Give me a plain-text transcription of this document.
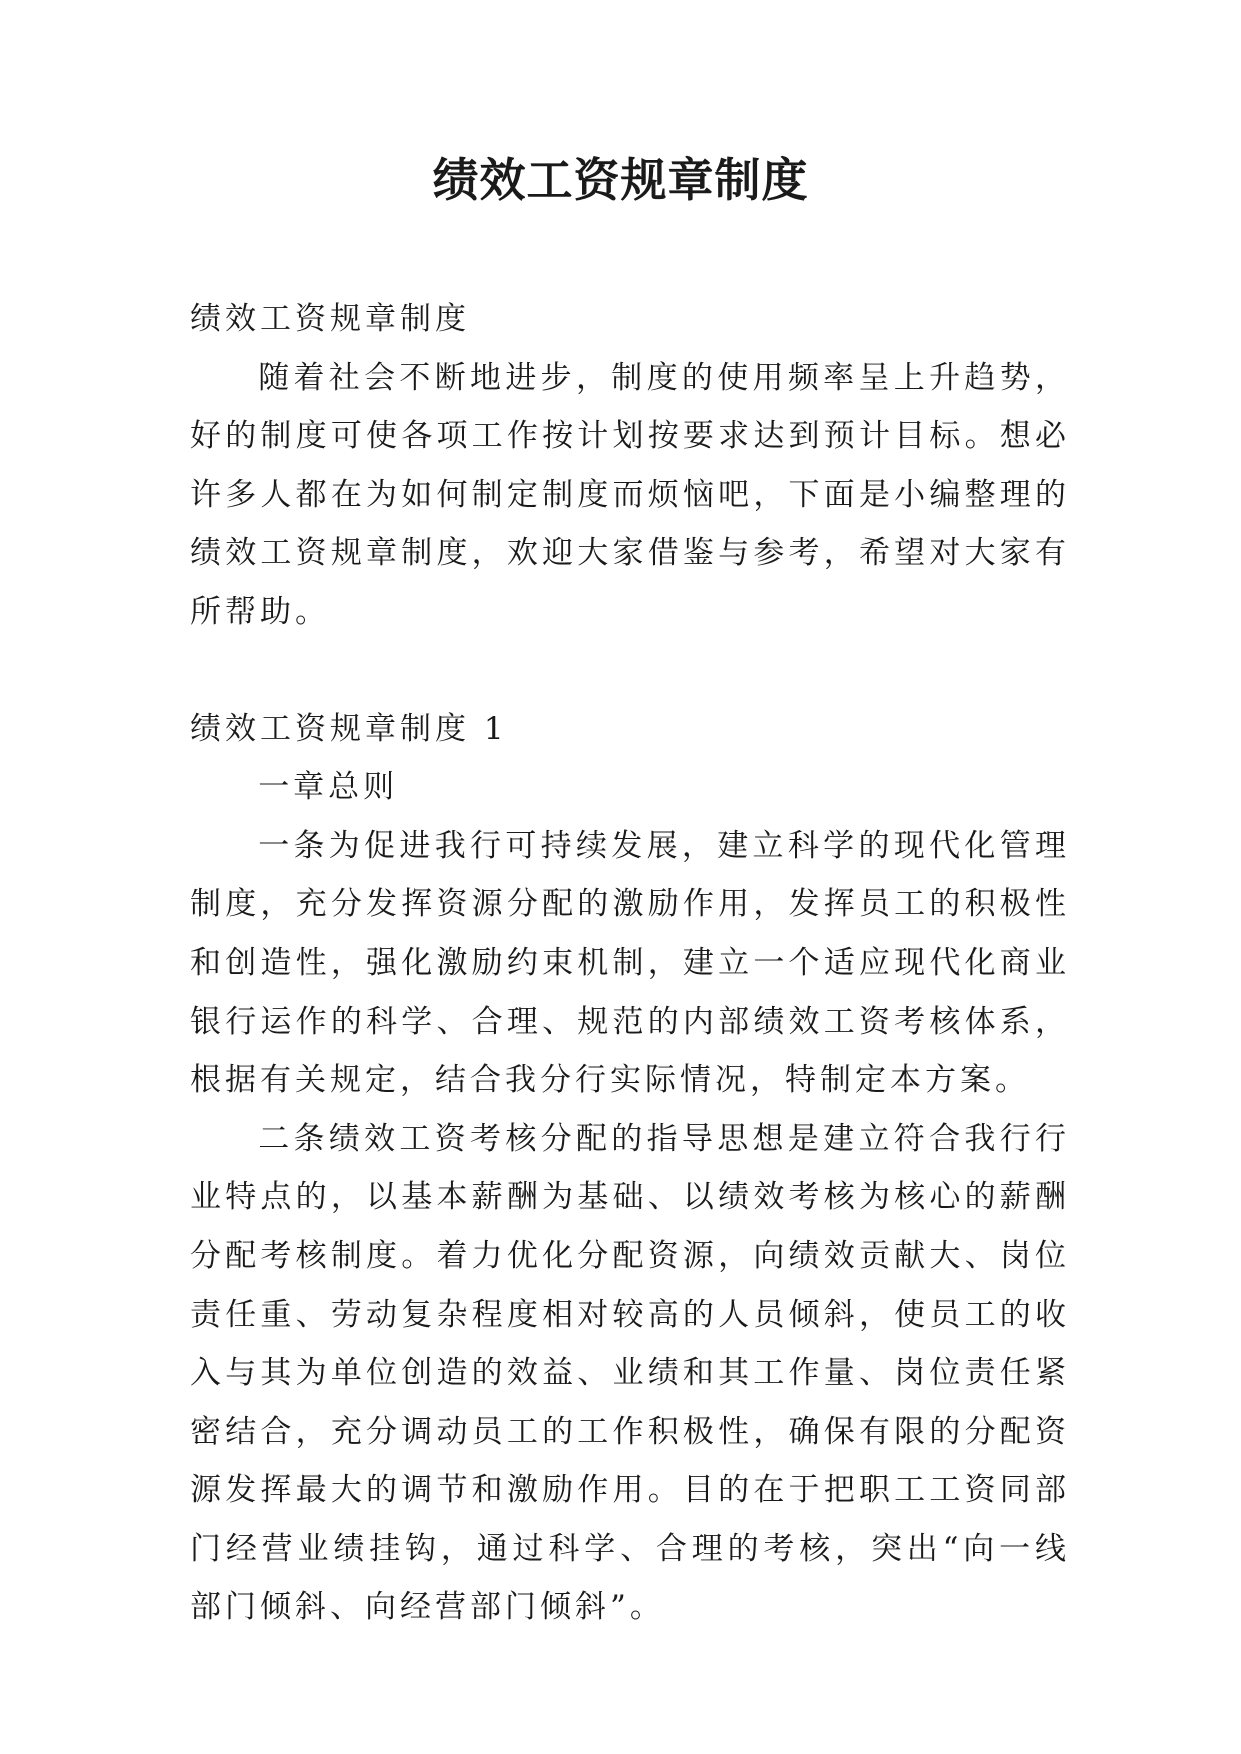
绩效工资规章制度

绩效工资规章制度

随着社会不断地进步，制度的使用频率呈上升趋势，好的制度可使各项工作按计划按要求达到预计目标。想必许多人都在为如何制定制度而烦恼吧，下面是小编整理的绩效工资规章制度，欢迎大家借鉴与参考，希望对大家有所帮助。

绩效工资规章制度 1

一章总则

一条为促进我行可持续发展，建立科学的现代化管理制度，充分发挥资源分配的激励作用，发挥员工的积极性和创造性，强化激励约束机制，建立一个适应现代化商业银行运作的科学、合理、规范的内部绩效工资考核体系，根据有关规定，结合我分行实际情况，特制定本方案。

二条绩效工资考核分配的指导思想是建立符合我行行业特点的，以基本薪酬为基础、以绩效考核为核心的薪酬分配考核制度。着力优化分配资源，向绩效贡献大、岗位责任重、劳动复杂程度相对较高的人员倾斜，使员工的收入与其为单位创造的效益、业绩和其工作量、岗位责任紧密结合，充分调动员工的工作积极性，确保有限的分配资源发挥最大的调节和激励作用。目的在于把职工工资同部门经营业绩挂钩，通过科学、合理的考核，突出“向一线部门倾斜、向经营部门倾斜”。
